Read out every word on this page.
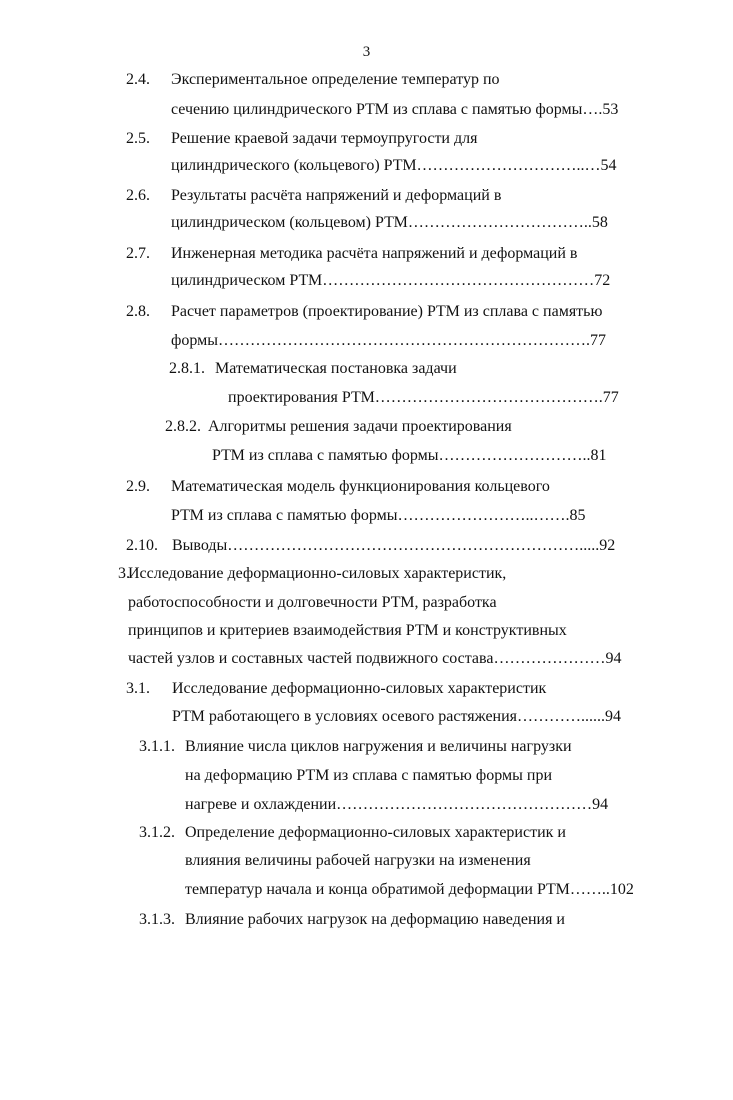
3
2.4. Экспериментальное определение температур по
сечению цилиндрического РТМ из сплава с памятью формы….53
2.5. Решение краевой задачи термоупругости для
цилиндрического (кольцевого) РТМ…………………………..…54
2.6. Результаты расчёта напряжений и деформаций в
цилиндрическом (кольцевом) РТМ……………………………..58
2.7. Инженерная методика расчёта напряжений и деформаций в
цилиндрическом РТМ……………………………………………72
2.8. Расчет параметров (проектирование) РТМ из сплава с памятью
формы…………………………………………………………….77
2.8.1. Математическая постановка задачи
проектирования РТМ…………………………………….77
2.8.2. Алгоритмы решения задачи проектирования
РТМ из сплава с памятью формы………………………..81
2.9. Математическая модель функционирования кольцевого
РТМ из сплава с памятью формы……………………..…….85
2.10. Выводы………………………………………………………….....92
3.
Исследование деформационно-силовых характеристик,
работоспособности и долговечности РТМ, разработка
принципов и критериев взаимодействия РТМ и конструктивных
частей узлов и составных частей подвижного состава…………………94
3.1. Исследование деформационно-силовых характеристик
РТМ работающего в условиях осевого растяжения…………......94
3.1.1. Влияние числа циклов нагружения и величины нагрузки
на деформацию РТМ из сплава с памятью формы при
нагреве и охлаждении…………………………………………94
3.1.2. Определение деформационно-силовых характеристик и
влияния величины рабочей нагрузки на изменения
температур начала и конца обратимой деформации РТМ……..102
3.1.3. Влияние рабочих нагрузок на деформацию наведения и
